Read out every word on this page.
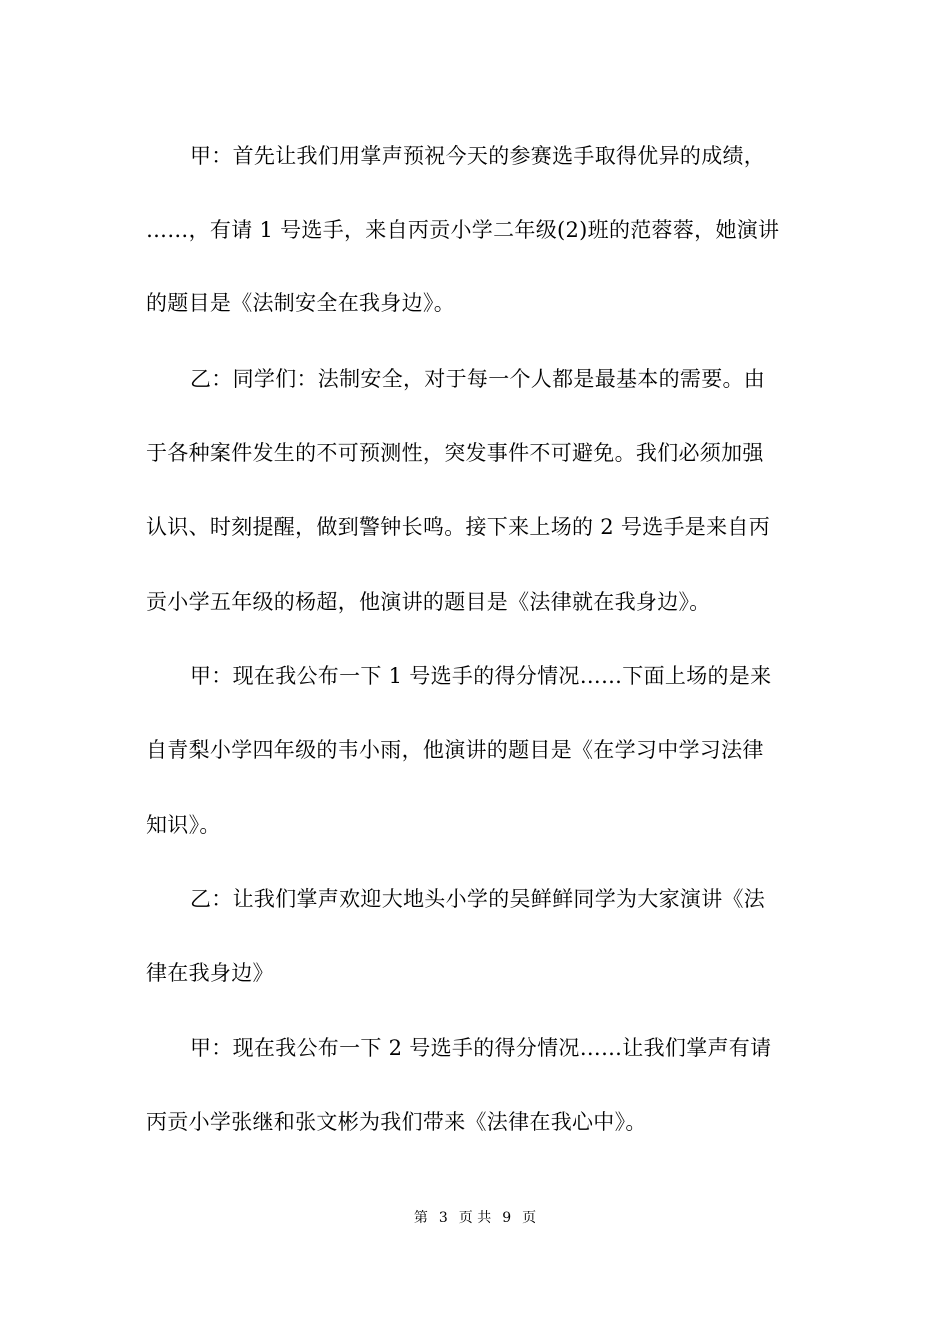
甲：首先让我们用掌声预祝今天的参赛选手取得优异的成绩，
……，有请 1 号选手，来自丙贡小学二年级(2)班的范蓉蓉，她演讲
的题目是《法制安全在我身边》。
乙：同学们：法制安全，对于每一个人都是最基本的需要。由
于各种案件发生的不可预测性，突发事件不可避免。我们必须加强
认识、时刻提醒，做到警钟长鸣。接下来上场的 2 号选手是来自丙
贡小学五年级的杨超，他演讲的题目是《法律就在我身边》。
甲：现在我公布一下 1 号选手的得分情况……下面上场的是来
自青梨小学四年级的韦小雨，他演讲的题目是《在学习中学习法律
知识》。
乙：让我们掌声欢迎大地头小学的吴鲜鲜同学为大家演讲《法
律在我身边》
甲：现在我公布一下 2 号选手的得分情况……让我们掌声有请
丙贡小学张继和张文彬为我们带来《法律在我心中》。
第 3 页 共 9 页
